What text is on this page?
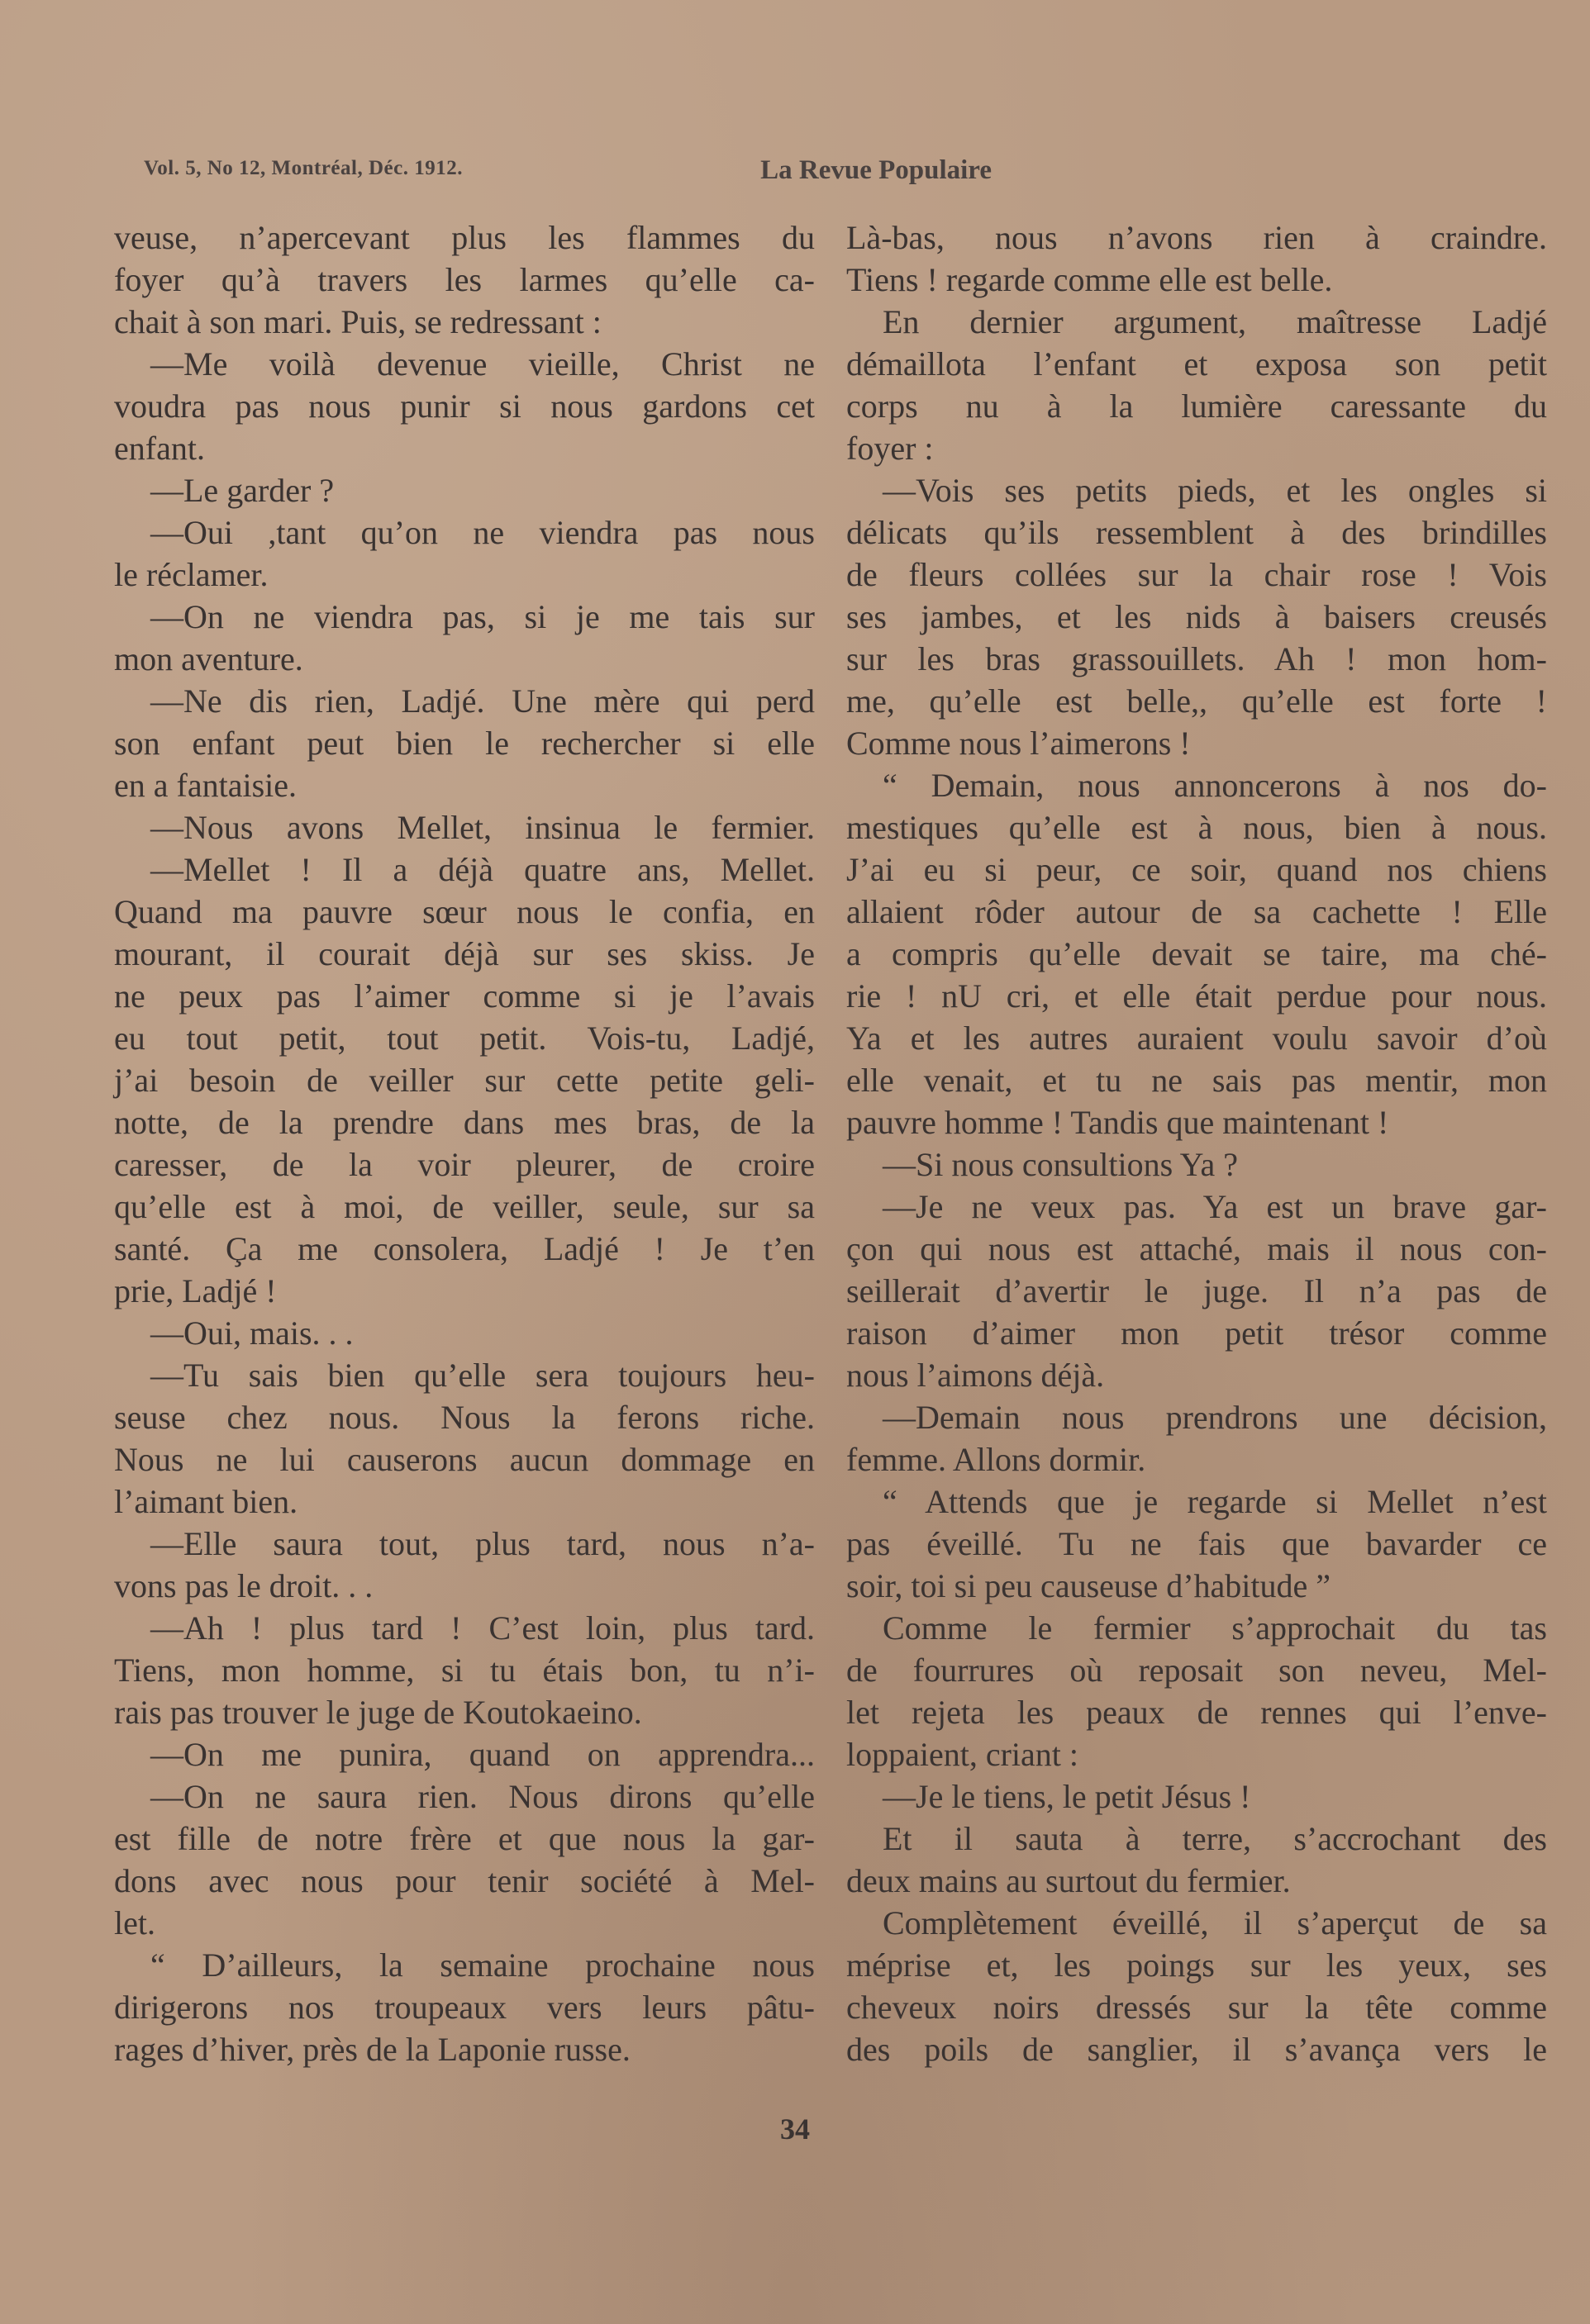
Vol. 5, No 12, Montréal, Déc. 1912.	La Revue Populaire
veuse, n’apercevant plus les flammes du
foyer qu’à travers les larmes qu’elle ca-
chait à son mari. Puis, se redressant :
—Me voilà devenue vieille, Christ ne
voudra pas nous punir si nous gardons cet
enfant.
—Le garder ?
—Oui ,tant qu’on ne viendra pas nous
le réclamer.
—On ne viendra pas, si je me tais sur
mon aventure.
—Ne dis rien, Ladjé. Une mère qui perd
son enfant peut bien le rechercher si elle
en a fantaisie.
—Nous avons Mellet, insinua le fermier.
—Mellet ! Il a déjà quatre ans, Mellet.
Quand ma pauvre sœur nous le confia, en
mourant, il courait déjà sur ses skiss. Je
ne peux pas l’aimer comme si je l’avais
eu tout petit, tout petit. Vois-tu, Ladjé,
j’ai besoin de veiller sur cette petite geli-
notte, de la prendre dans mes bras, de la
caresser, de la voir pleurer, de croire
qu’elle est à moi, de veiller, seule, sur sa
santé. Ça me consolera, Ladjé ! Je t’en
prie, Ladjé !
—Oui, mais. . .
—Tu sais bien qu’elle sera toujours heu-
seuse chez nous. Nous la ferons riche.
Nous ne lui causerons aucun dommage en
l’aimant bien.
—Elle saura tout, plus tard, nous n’a-
vons pas le droit. . .
—Ah ! plus tard ! C’est loin, plus tard.
Tiens, mon homme, si tu étais bon, tu n’i-
rais pas trouver le juge de Koutokaeino.
—On me punira, quand on apprendra...
—On ne saura rien. Nous dirons qu’elle
est fille de notre frère et que nous la gar-
dons avec nous pour tenir société à Mel-
let.
“ D’ailleurs, la semaine prochaine nous
dirigerons nos troupeaux vers leurs pâtu-
rages d’hiver, près de la Laponie russe.
Là-bas, nous n’avons rien à craindre.
Tiens ! regarde comme elle est belle.
En dernier argument, maîtresse Ladjé
démaillota l’enfant et exposa son petit
corps nu à la lumière caressante du
foyer :
—Vois ses petits pieds, et les ongles si
délicats qu’ils ressemblent à des brindilles
de fleurs collées sur la chair rose ! Vois
ses jambes, et les nids à baisers creusés
sur les bras grassouillets. Ah ! mon hom-
me, qu’elle est belle,, qu’elle est forte !
Comme nous l’aimerons !
“ Demain, nous annoncerons à nos do-
mestiques qu’elle est à nous, bien à nous.
J’ai eu si peur, ce soir, quand nos chiens
allaient rôder autour de sa cachette ! Elle
a compris qu’elle devait se taire, ma ché-
rie ! nU cri, et elle était perdue pour nous.
Ya et les autres auraient voulu savoir d’où
elle venait, et tu ne sais pas mentir, mon
pauvre homme ! Tandis que maintenant !
—Si nous consultions Ya ?
—Je ne veux pas. Ya est un brave gar-
çon qui nous est attaché, mais il nous con-
seillerait d’avertir le juge. Il n’a pas de
raison d’aimer mon petit trésor comme
nous l’aimons déjà.
—Demain nous prendrons une décision,
femme. Allons dormir.
“ Attends que je regarde si Mellet n’est
pas éveillé. Tu ne fais que bavarder ce
soir, toi si peu causeuse d’habitude ”
Comme le fermier s’approchait du tas
de fourrures où reposait son neveu, Mel-
let rejeta les peaux de rennes qui l’enve-
loppaient, criant :
—Je le tiens, le petit Jésus !
Et il sauta à terre, s’accrochant des
deux mains au surtout du fermier.
Complètement éveillé, il s’aperçut de sa
méprise et, les poings sur les yeux, ses
cheveux noirs dressés sur la tête comme
des poils de sanglier, il s’avança vers le
34
